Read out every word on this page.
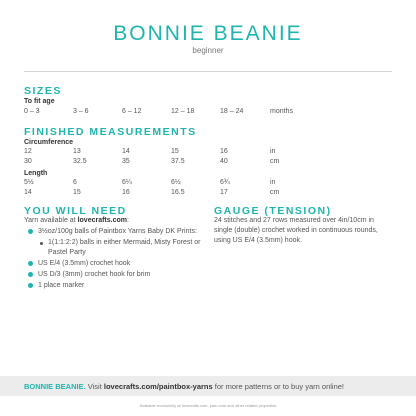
BONNIE BEANIE
beginner
SIZES
To fit age
0 – 3	3 – 6	6 – 12	12 – 18	18 – 24	months
FINISHED MEASUREMENTS
Circumference
12	13	14	15	16	in
30	32.5	35	37.5	40	cm
Length
5½	6	6¼	6½	6¾	in
14	15	16	16.5	17	cm
YOU WILL NEED
Yarn available at lovecrafts.com:
3½oz/100g balls of Paintbox Yarns Baby DK Prints:
1(1:1:2:2) balls in either Mermaid, Misty Forest or Pastel Party
US E/4 (3.5mm) crochet hook
US D/3 (3mm) crochet hook for brim
1 place marker
GAUGE (TENSION)
24 stitches and 27 rows measured over 4in/10cm in single (double) crochet worked in continuous rounds, using US E/4 (3.5mm) hook.
BONNIE BEANIE. Visit lovecrafts.com/paintbox-yarns for more patterns or to buy yarn online!
Available exclusively at lovecrafts.com, yarn.com and other related properties
